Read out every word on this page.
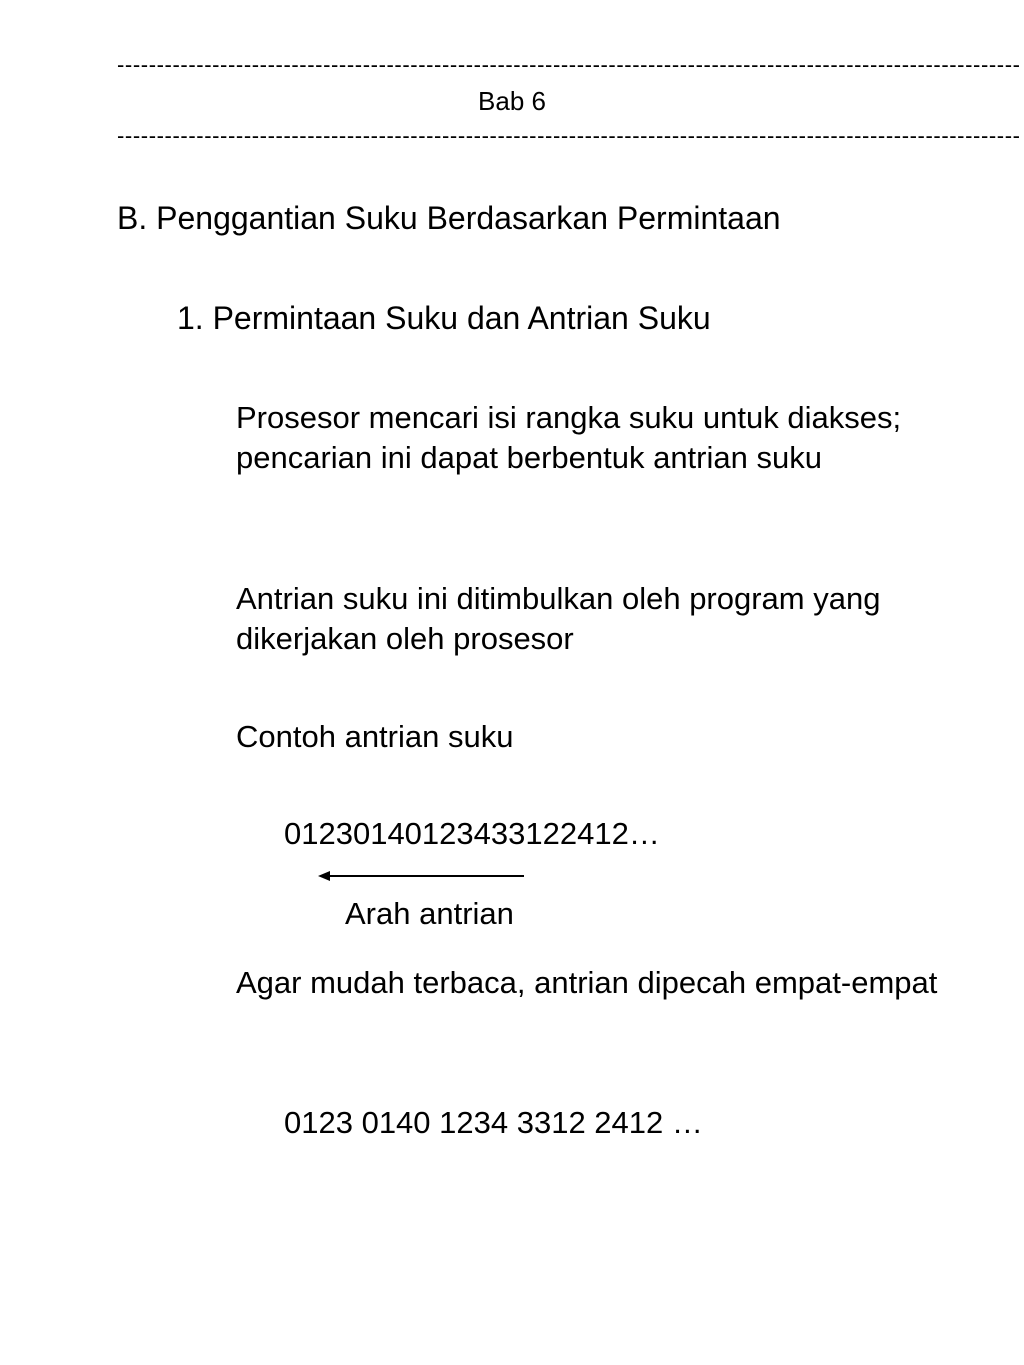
------------------------------------------------------------------------------------------------------------------
Bab 6
------------------------------------------------------------------------------------------------------------------
B. Penggantian Suku Berdasarkan Permintaan
1. Permintaan Suku dan Antrian Suku
Prosesor mencari isi rangka suku untuk diakses; pencarian ini dapat berbentuk antrian suku
Antrian suku ini ditimbulkan oleh program yang dikerjakan oleh prosesor
Contoh antrian suku
01230140123433122412…
Arah antrian
Agar mudah terbaca, antrian dipecah empat-empat
0123 0140 1234 3312 2412 …
